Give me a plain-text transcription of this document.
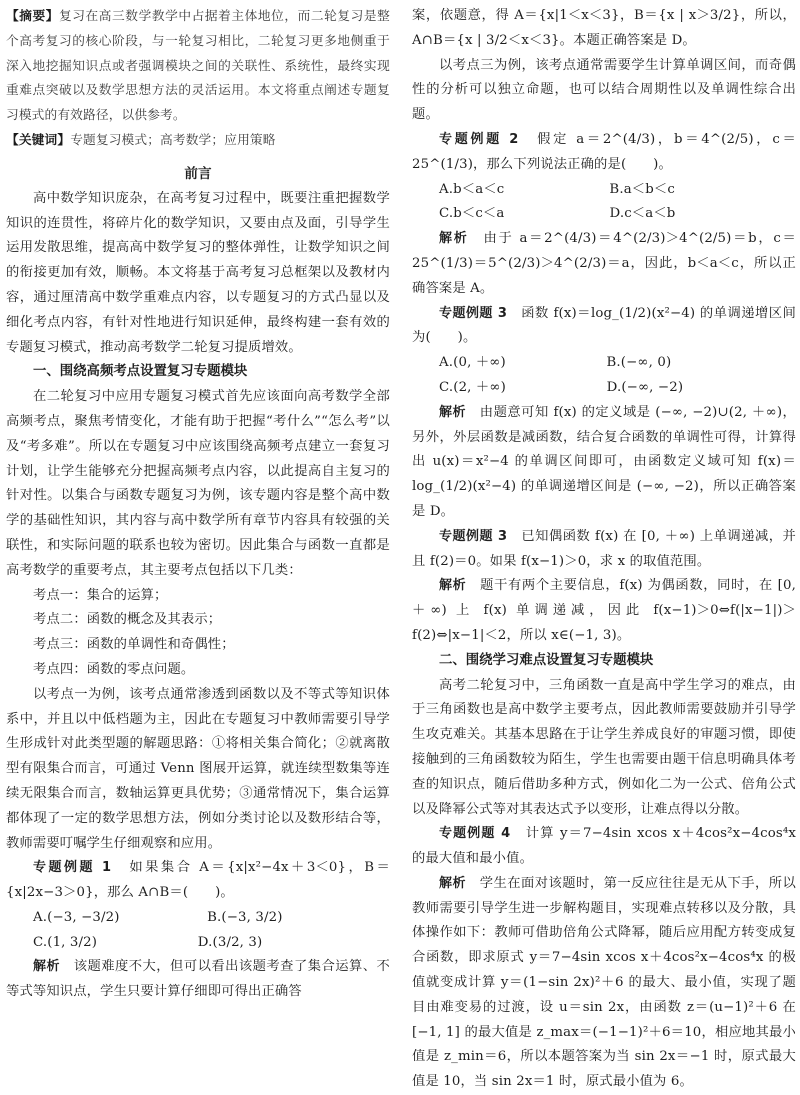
【摘要】复习在高三数学教学中占据着主体地位，而二轮复习是整个高考复习的核心阶段，与一轮复习相比，二轮复习更多地侧重于深入地挖掘知识点或者强调模块之间的关联性、系统性，最终实现重难点突破以及数学思想方法的灵活运用。本文将重点阐述专题复习模式的有效路径，以供参考。

【关键词】专题复习模式；高考数学；应用策略

前言

高中数学知识庞杂，在高考复习过程中，既要注重把握数学知识的连贯性，将碎片化的数学知识，又要由点及面，引导学生运用发散思维，提高高中数学复习的整体弹性，让数学知识之间的衔接更加有效，顺畅。本文将基于高考复习总框架以及教材内容，通过厘清高中数学重难点内容，以专题复习的方式凸显以及细化考点内容，有针对性地进行知识延伸，最终构建一套有效的专题复习模式，推动高考数学二轮复习提质增效。

一、围绕高频考点设置复习专题模块

在二轮复习中应用专题复习模式首先应该面向高考数学全部高频考点，聚焦考情变化，才能有助于把握“考什么”“怎么考”以及“考多难”。所以在专题复习中应该围绕高频考点建立一套复习计划，让学生能够充分把握高频考点内容，以此提高自主复习的针对性。以集合与函数专题复习为例，该专题内容是整个高中数学的基础性知识，其内容与高中数学所有章节内容具有较强的关联性，和实际问题的联系也较为密切。因此集合与函数一直都是高考数学的重要考点，其主要考点包括以下几类：

考点一：集合的运算；

考点二：函数的概念及其表示；

考点三：函数的单调性和奇偶性；

考点四：函数的零点问题。

以考点一为例，该考点通常渗透到函数以及不等式等知识体系中，并且以中低档题为主，因此在专题复习中教师需要引导学生形成针对此类型题的解题思路：①将相关集合简化；②就离散型有限集合而言，可通过 Venn 图展开运算，就连续型数集等连续无限集合而言，数轴运算更具优势；③通常情况下，集合运算都体现了一定的数学思想方法，例如分类讨论以及数形结合等，教师需要叮嘱学生仔细观察和应用。

专题例题 1　 如果集合 A＝{x|x²−4x＋3＜0}，B＝{x|2x−3＞0}，那么 A∩B＝(　　)。

A.(−3, −3/2)                    B.(−3, 3/2)

C.(1, 3/2)                       D.(3/2, 3)

解析　 该题难度不大，但可以看出该题考查了集合运算、不等式等知识点，学生只要计算仔细即可得出正确答

案，依题意，得 A＝{x|1＜x＜3}，B＝{x | x＞3/2}，所以，A∩B＝{x | 3/2＜x＜3}。本题正确答案是 D。

以考点三为例，该考点通常需要学生计算单调区间，而奇偶性的分析可以独立命题，也可以结合周期性以及单调性综合出题。

专题例题 2　 假定 a＝2^(4/3)，b＝4^(2/5)，c＝25^(1/3)，那么下列说法正确的是(　　)。

A.b＜a＜c                        B.a＜b＜c

C.b＜c＜a                        D.c＜a＜b

解析　 由于 a＝2^(4/3)＝4^(2/3)＞4^(2/5)＝b，c＝25^(1/3)＝5^(2/3)＞4^(2/3)＝a，因此，b＜a＜c，所以正确答案是 A。

专题例题 3　 函数 f(x)＝log_(1/2)(x²−4) 的单调递增区间为(　　)。

A.(0, ＋∞)                       B.(−∞, 0)

C.(2, ＋∞)                       D.(−∞, −2)

解析　 由题意可知 f(x) 的定义域是 (−∞, −2)∪(2, ＋∞)，另外，外层函数是减函数，结合复合函数的单调性可得，计算得出 u(x)＝x²−4 的单调区间即可，由函数定义域可知 f(x)＝log_(1/2)(x²−4) 的单调递增区间是 (−∞, −2)，所以正确答案是 D。

专题例题 3　 已知偶函数 f(x) 在 [0, ＋∞) 上单调递减，并且 f(2)＝0。如果 f(x−1)＞0，求 x 的取值范围。

解析　 题干有两个主要信息，f(x) 为偶函数，同时，在 [0, ＋∞) 上 f(x) 单调递减，因此 f(x−1)＞0⇔f(|x−1|)＞f(2)⇔|x−1|＜2，所以 x∈(−1, 3)。

二、围绕学习难点设置复习专题模块

高考二轮复习中，三角函数一直是高中学生学习的难点，由于三角函数也是高中数学主要考点，因此教师需要鼓励并引导学生攻克难关。其基本思路在于让学生养成良好的审题习惯，即使接触到的三角函数较为陌生，学生也需要由题干信息明确具体考查的知识点，随后借助多种方式，例如化二为一公式、倍角公式以及降幂公式等对其表达式予以变形，让难点得以分散。

专题例题 4　 计算 y＝7−4sin xcos x＋4cos²x−4cos⁴x 的最大值和最小值。

解析　 学生在面对该题时，第一反应往往是无从下手，所以教师需要引导学生进一步解构题目，实现难点转移以及分散，具体操作如下：教师可借助倍角公式降幂，随后应用配方转变成复合函数，即求原式 y＝7−4sin xcos x＋4cos²x−4cos⁴x 的极值就变成计算 y＝(1−sin 2x)²＋6 的最大、最小值，实现了题目由难变易的过渡，设 u＝sin 2x，由函数 z＝(u−1)²＋6 在 [−1, 1] 的最大值是 z_max＝(−1−1)²＋6＝10，相应地其最小值是 z_min＝6，所以本题答案为当 sin 2x＝−1 时，原式最大值是 10，当 sin 2x＝1 时，原式最小值为 6。
